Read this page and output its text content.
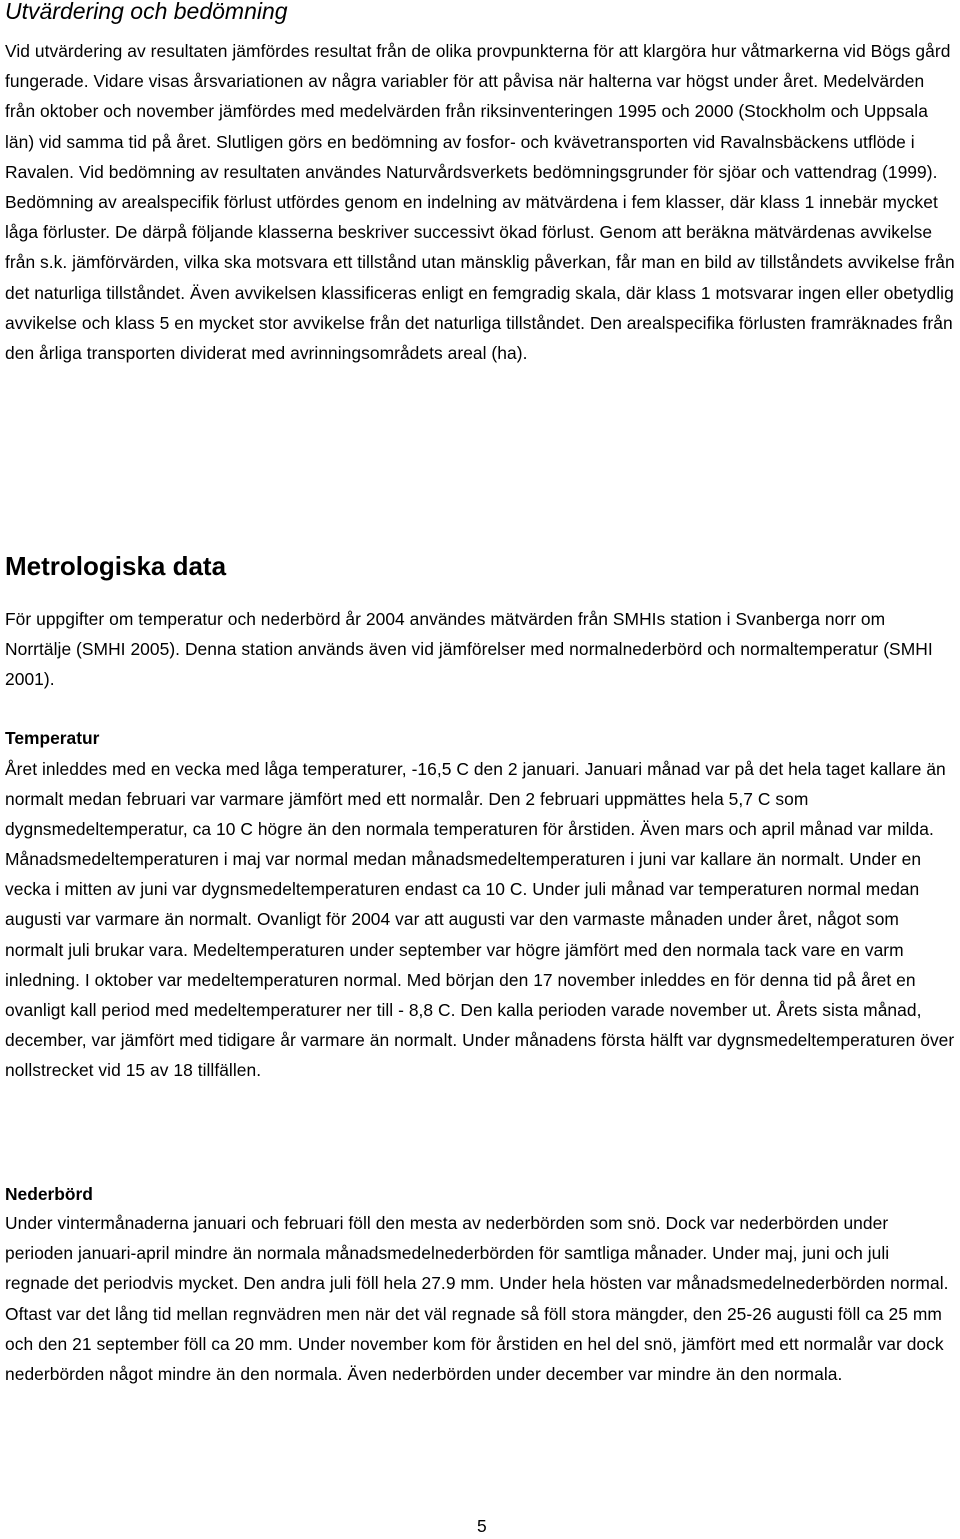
Utvärdering och bedömning

Vid utvärdering av resultaten jämfördes resultat från de olika provpunkterna för att klargöra hur våtmarkerna vid Bögs gård fungerade. Vidare visas årsvariationen av några variabler för att påvisa när halterna var högst under året. Medelvärden från oktober och november jämfördes med medelvärden från riksinventeringen 1995 och 2000 (Stockholm och Uppsala län) vid samma tid på året. Slutligen görs en bedömning av fosfor- och kvävetransporten vid Ravalnsbäckens utflöde i Ravalen. Vid bedömning av resultaten användes Naturvårdsverkets bedömningsgrunder för sjöar och vattendrag (1999). Bedömning av arealspecifik förlust utfördes genom en indelning av mätvärdena i fem klasser, där klass 1 innebär mycket låga förluster. De därpå följande klasserna beskriver successivt ökad förlust. Genom att beräkna mätvärdenas avvikelse från s.k. jämförvärden, vilka ska motsvara ett tillstånd utan mänsklig påverkan, får man en bild av tillståndets avvikelse från det naturliga tillståndet. Även avvikelsen klassificeras enligt en femgradig skala, där klass 1 motsvarar ingen eller obetydlig avvikelse och klass 5 en mycket stor avvikelse från det naturliga tillståndet. Den arealspecifika förlusten framräknades från den årliga transporten dividerat med avrinningsområdets areal (ha).

Metrologiska data

För uppgifter om temperatur och nederbörd år 2004 användes mätvärden från SMHIs station i Svanberga norr om Norrtälje (SMHI 2005). Denna station används även vid jämförelser med normalnederbörd och normaltemperatur (SMHI 2001).

Temperatur

Året inleddes med en vecka med låga temperaturer, -16,5 C den 2 januari. Januari månad var på det hela taget kallare än normalt medan februari var varmare jämfört med ett normalår. Den 2 februari uppmättes hela 5,7 C som dygnsmedeltemperatur, ca 10 C högre än den normala temperaturen för årstiden. Även mars och april månad var milda. Månadsmedeltemperaturen i maj var normal medan månadsmedeltemperaturen i juni var kallare än normalt. Under en vecka i mitten av juni var dygnsmedeltemperaturen endast ca 10 C. Under juli månad var temperaturen normal medan augusti var varmare än normalt. Ovanligt för 2004 var att augusti var den varmaste månaden under året, något som normalt juli brukar vara. Medeltemperaturen under september var högre jämfört med den normala tack vare en varm inledning. I oktober var medeltemperaturen normal. Med början den 17 november inleddes en för denna tid på året en ovanligt kall period med medeltemperaturer ner till - 8,8 C. Den kalla perioden varade november ut. Årets sista månad, december, var jämfört med tidigare år varmare än normalt. Under månadens första hälft var dygnsmedeltemperaturen över nollstrecket vid 15 av 18 tillfällen.

Nederbörd

Under vintermånaderna januari och februari föll den mesta av nederbörden som snö. Dock var nederbörden under perioden januari-april mindre än normala månadsmedelnederbörden för samtliga månader. Under maj, juni och juli regnade det periodvis mycket. Den andra juli föll hela 27.9 mm. Under hela hösten var månadsmedelnederbörden normal. Oftast var det lång tid mellan regnvädren men när det väl regnade så föll stora mängder, den 25-26 augusti föll ca 25 mm och den 21 september föll ca 20 mm. Under november kom för årstiden en hel del snö, jämfört med ett normalår var dock nederbörden något mindre än den normala. Även nederbörden under december var mindre än den normala.

5
